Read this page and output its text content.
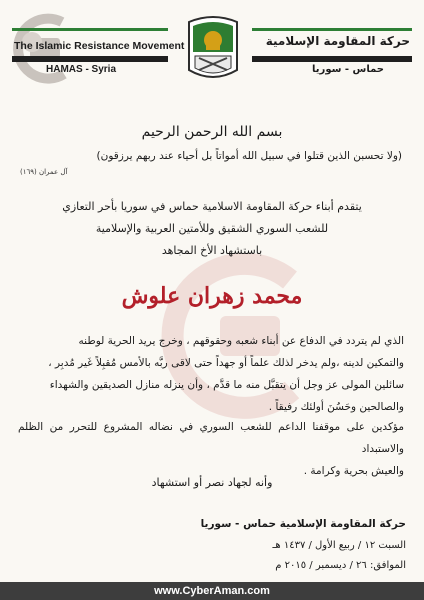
The Islamic Resistance Movement
HAMAS - Syria
حركة المقاومة الإسلامية
حماس - سوريا
بسم الله الرحمن الرحيم
(ولا تحسبن الذين قتلوا في سبيل الله أمواتاً بل أحياء عند ربهم يرزقون)
آل عمران (١٦٩)
يتقدم أبناء حركة المقاومة الاسلامية حماس في سوريا بأحر التعازي
للشعب السوري الشقيق وللأمتين العربية والإسلامية
باستشهاد الأخ المجاهد
محمد زهران علوش
الذي لم يتردد في الدفاع عن أبناء شعبه وحقوقهم ، وخرج يريد الحرية لوطنه
والتمكين لدينه ،ولم يدخر لذلك علماً أو جهداً حتى لاقى ربَّه بالأمس مُقبِلاً غَير مُدبِر ،
سائلين المولى عز وجل أن يتقبَّل منه ما قدَّم ، وأن ينزله منازل الصديقين والشهداء
والصالحين وحَسُنَ أولئك رفيقاً .
مؤكدين على موقفنا الداعم للشعب السوري في نضاله المشروع للتحرر من الظلم والاستبداد
والعيش بحرية وكرامة .
وأنه لجهاد نصر أو استشهاد
حركة المقاومة الإسلامية حماس - سوريا
السبت ١٢ / ربيع الأول / ١٤٣٧ هـ
الموافق: ٢٦ / ديسمبر / ٢٠١٥ م
www.CyberAman.com
